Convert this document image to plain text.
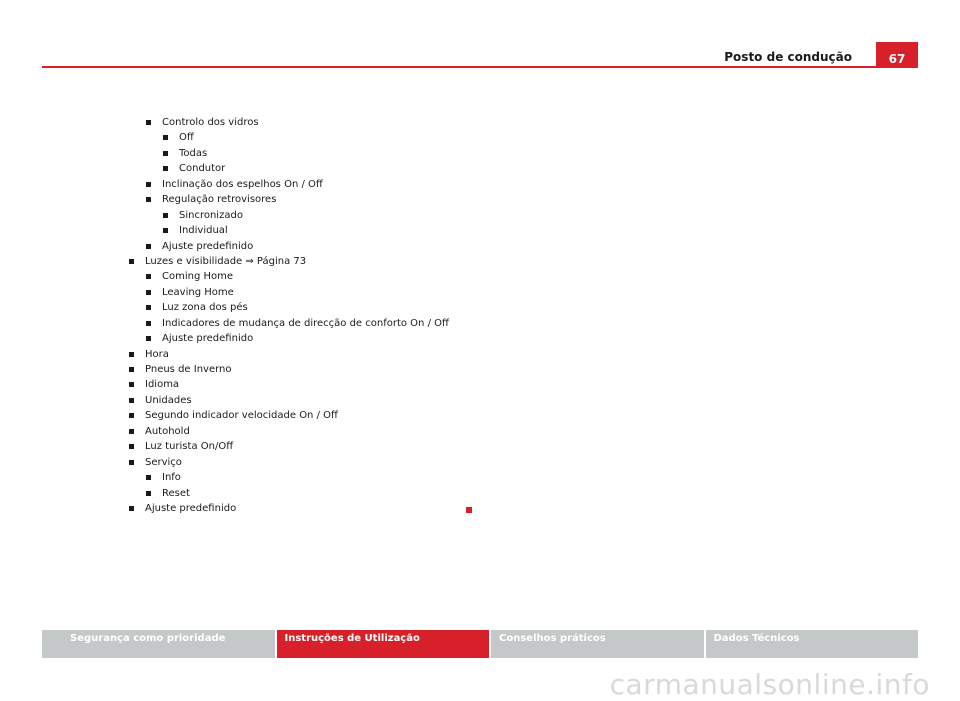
Posto de condução	67
Controlo dos vidros
Off
Todas
Condutor
Inclinação dos espelhos On / Off
Regulação retrovisores
Sincronizado
Individual
Ajuste predefinido
Luzes e visibilidade ⇒ Página 73
Coming Home
Leaving Home
Luz zona dos pés
Indicadores de mudança de direcção de conforto On / Off
Ajuste predefinido
Hora
Pneus de Inverno
Idioma
Unidades
Segundo indicador velocidade On / Off
Autohold
Luz turista On/Off
Serviço
Info
Reset
Ajuste predefinido
Segurança como prioridade	Instruções de Utilização	Conselhos práticos	Dados Técnicos
carmanualsonline.info
